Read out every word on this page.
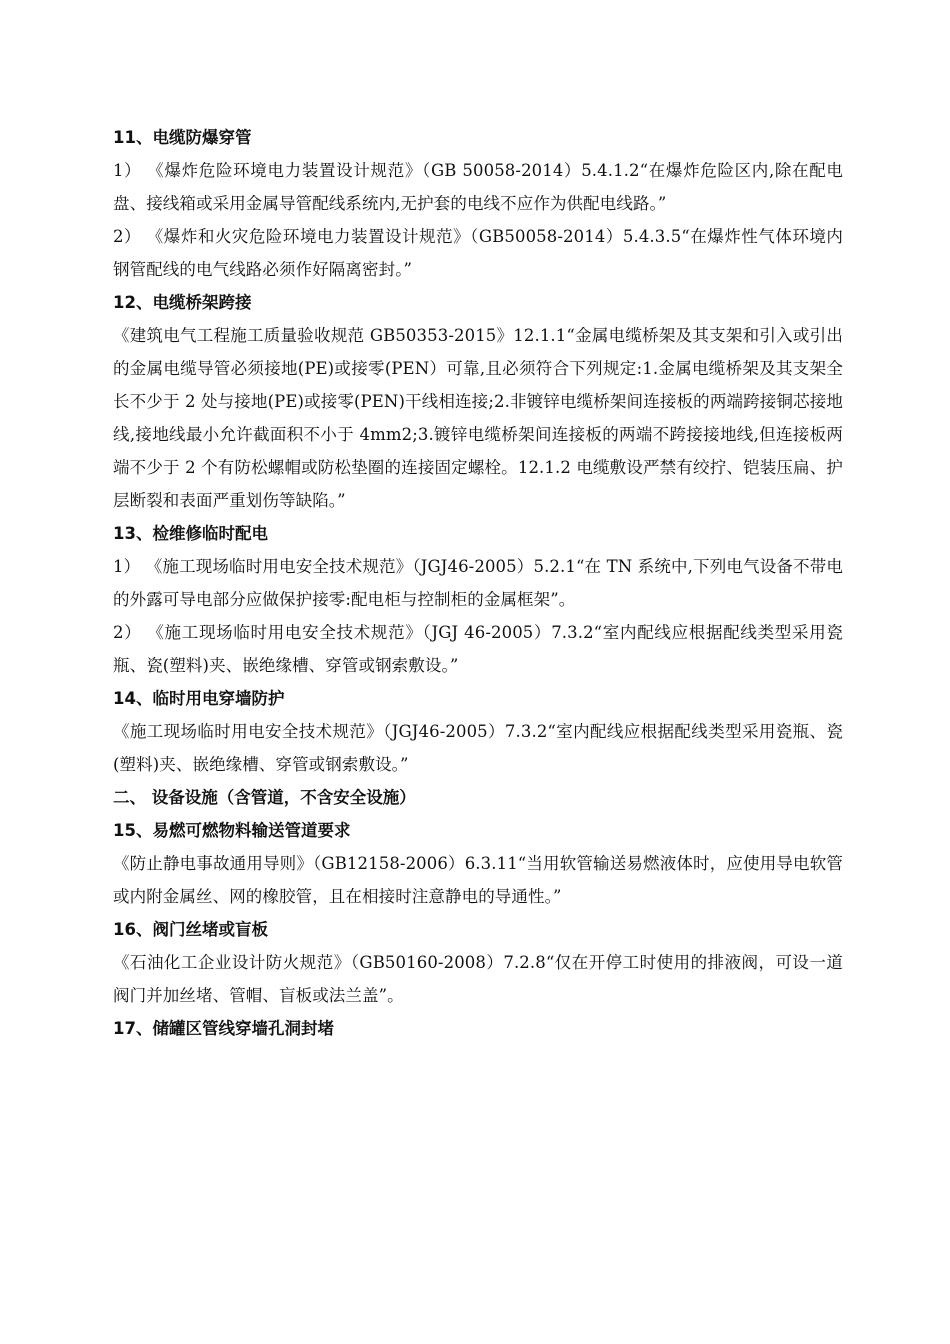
11、电缆防爆穿管

1） 《爆炸危险环境电力装置设计规范》（GB 50058-2014）5.4.1.2“在爆炸危险区内,除在配电盘、接线箱或采用金属导管配线系统内,无护套的电线不应作为供配电线路。”

2） 《爆炸和火灾危险环境电力装置设计规范》（GB50058-2014）5.4.3.5“在爆炸性气体环境内钢管配线的电气线路必须作好隔离密封。”

12、电缆桥架跨接

《建筑电气工程施工质量验收规范 GB50353-2015》12.1.1“金属电缆桥架及其支架和引入或引出的金属电缆导管必须接地(PE)或接零(PEN）可靠,且必须符合下列规定:1.金属电缆桥架及其支架全长不少于 2 处与接地(PE)或接零(PEN)干线相连接;2.非镀锌电缆桥架间连接板的两端跨接铜芯接地线,接地线最小允许截面积不小于 4mm2;3.镀锌电缆桥架间连接板的两端不跨接接地线,但连接板两端不少于 2 个有防松螺帽或防松垫圈的连接固定螺栓。12.1.2 电缆敷设严禁有绞拧、铠装压扁、护层断裂和表面严重划伤等缺陷。”

13、检维修临时配电

1） 《施工现场临时用电安全技术规范》（JGJ46-2005）5.2.1“在 TN 系统中,下列电气设备不带电的外露可导电部分应做保护接零:配电柜与控制柜的金属框架”。

2） 《施工现场临时用电安全技术规范》（JGJ 46-2005）7.3.2“室内配线应根据配线类型采用瓷瓶、瓷(塑料)夹、嵌绝缘槽、穿管或钢索敷设。”

14、临时用电穿墙防护

《施工现场临时用电安全技术规范》（JGJ46-2005）7.3.2“室内配线应根据配线类型采用瓷瓶、瓷(塑料)夹、嵌绝缘槽、穿管或钢索敷设。”

二、 设备设施（含管道，不含安全设施）
15、易燃可燃物料输送管道要求

《防止静电事故通用导则》（GB12158-2006）6.3.11“当用软管输送易燃液体时，应使用导电软管或内附金属丝、网的橡胶管，且在相接时注意静电的导通性。”

16、阀门丝堵或盲板

《石油化工企业设计防火规范》（GB50160-2008）7.2.8“仅在开停工时使用的排液阀，可设一道阀门并加丝堵、管帽、盲板或法兰盖”。

17、储罐区管线穿墙孔洞封堵
